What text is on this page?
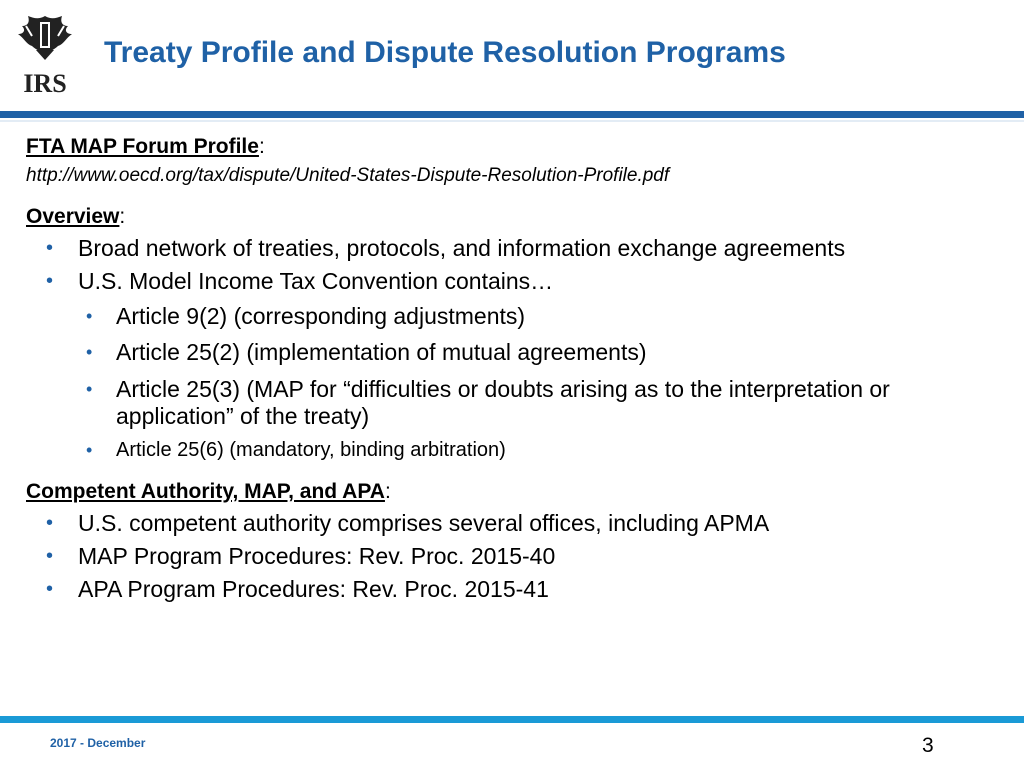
IRS
Treaty Profile and Dispute Resolution Programs
FTA MAP Forum Profile:
http://www.oecd.org/tax/dispute/United-States-Dispute-Resolution-Profile.pdf
Overview:
• Broad network of treaties, protocols, and information exchange agreements
• U.S. Model Income Tax Convention contains…
• Article 9(2) (corresponding adjustments)
• Article 25(2) (implementation of mutual agreements)
• Article 25(3) (MAP for “difficulties or doubts arising as to the interpretation or application” of the treaty)
• Article 25(6) (mandatory, binding arbitration)
Competent Authority, MAP, and APA:
• U.S. competent authority comprises several offices, including APMA
• MAP Program Procedures: Rev. Proc. 2015-40
• APA Program Procedures: Rev. Proc. 2015-41
2017 - December	3
